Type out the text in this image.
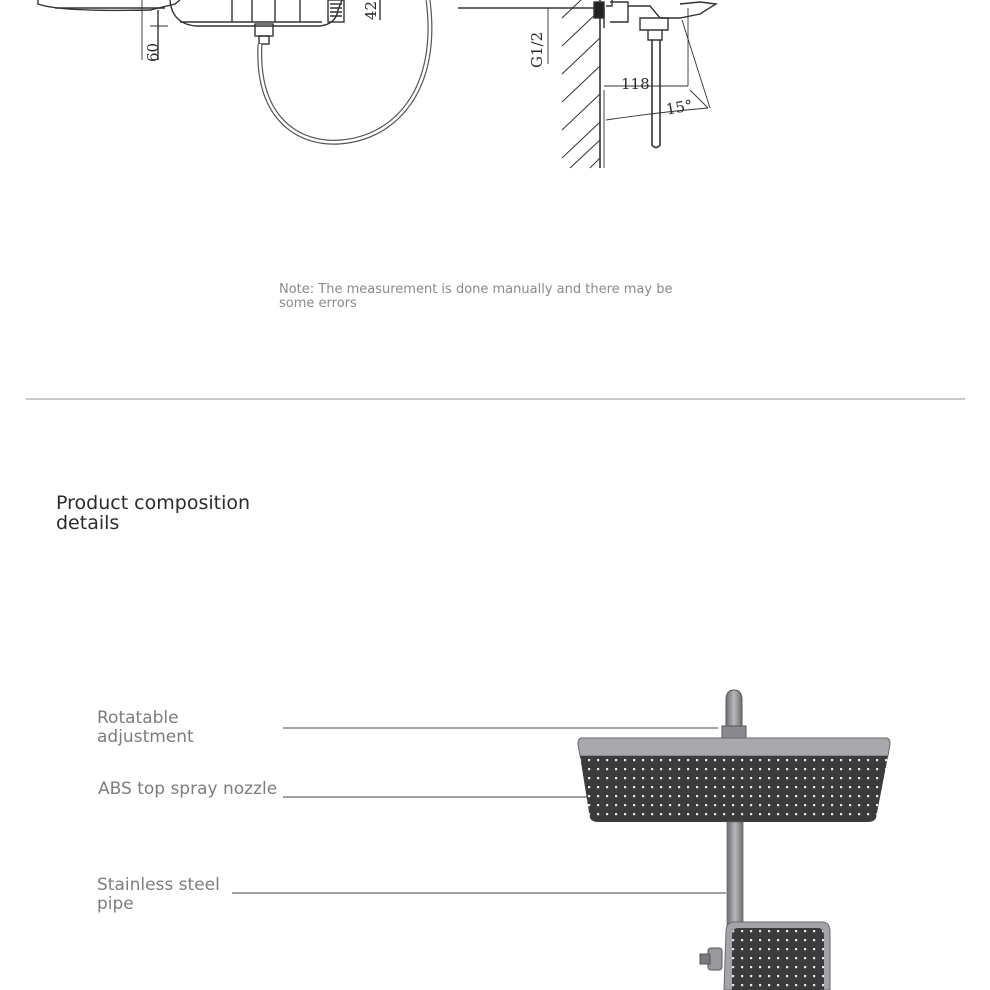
60
42
G1/2
118
15°
Note: The measurement is done manually and there may be some errors
Product composition details
Rotatable adjustment
ABS top spray nozzle
Stainless steel pipe
